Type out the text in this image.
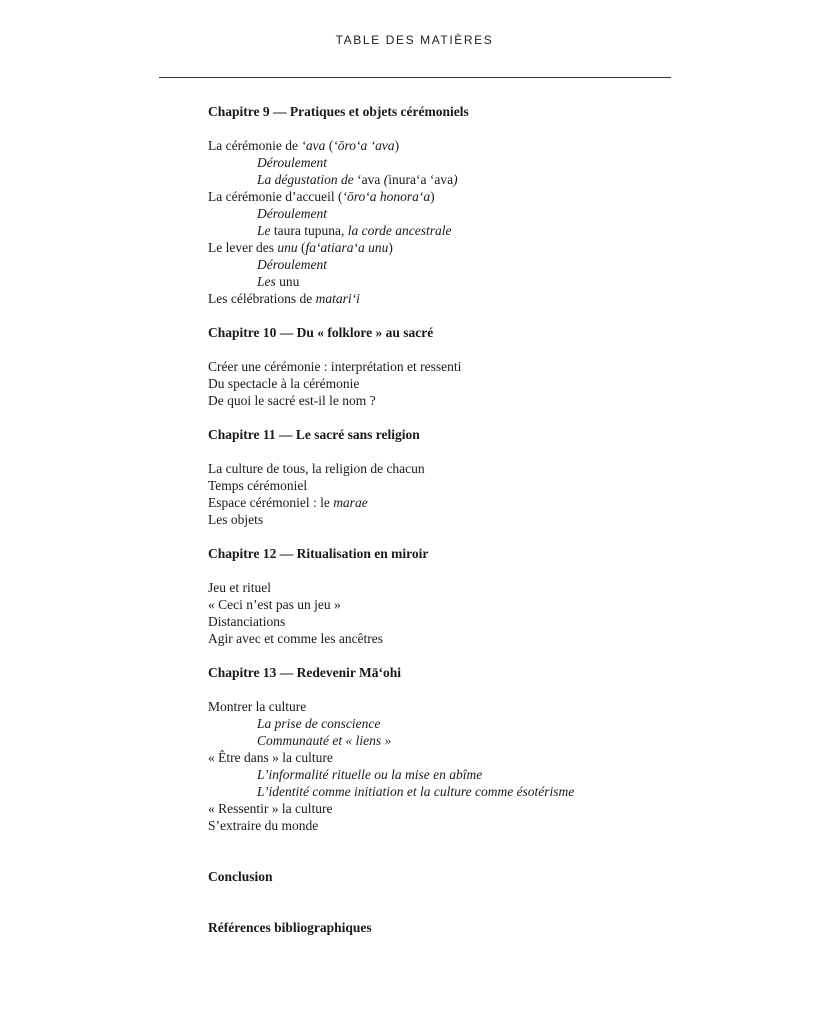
TABLE DES MATIÈRES
Chapitre 9 — Pratiques et objets cérémoniels
La cérémonie de ʻava (ʻōroʻa ʻava)
Déroulement
La dégustation de ʻava (inuraʻa ʻava)
La cérémonie d’accueil (ʻōroʻa honoraʻa)
Déroulement
Le taura tupuna, la corde ancestrale
Le lever des unu (faʻatiaraʻa unu)
Déroulement
Les unu
Les célébrations de matariʻi
Chapitre 10 — Du « folklore » au sacré
Créer une cérémonie : interprétation et ressenti
Du spectacle à la cérémonie
De quoi le sacré est-il le nom ?
Chapitre 11 — Le sacré sans religion
La culture de tous, la religion de chacun
Temps cérémoniel
Espace cérémoniel : le marae
Les objets
Chapitre 12 — Ritualisation en miroir
Jeu et rituel
« Ceci n’est pas un jeu »
Distanciations
Agir avec et comme les ancêtres
Chapitre 13 — Redevenir Māʻohi
Montrer la culture
La prise de conscience
Communauté et « liens »
« Être dans » la culture
L’informalité rituelle ou la mise en abîme
L’identité comme initiation et la culture comme ésotérisme
« Ressentir » la culture
S’extraire du monde
Conclusion
Références bibliographiques
